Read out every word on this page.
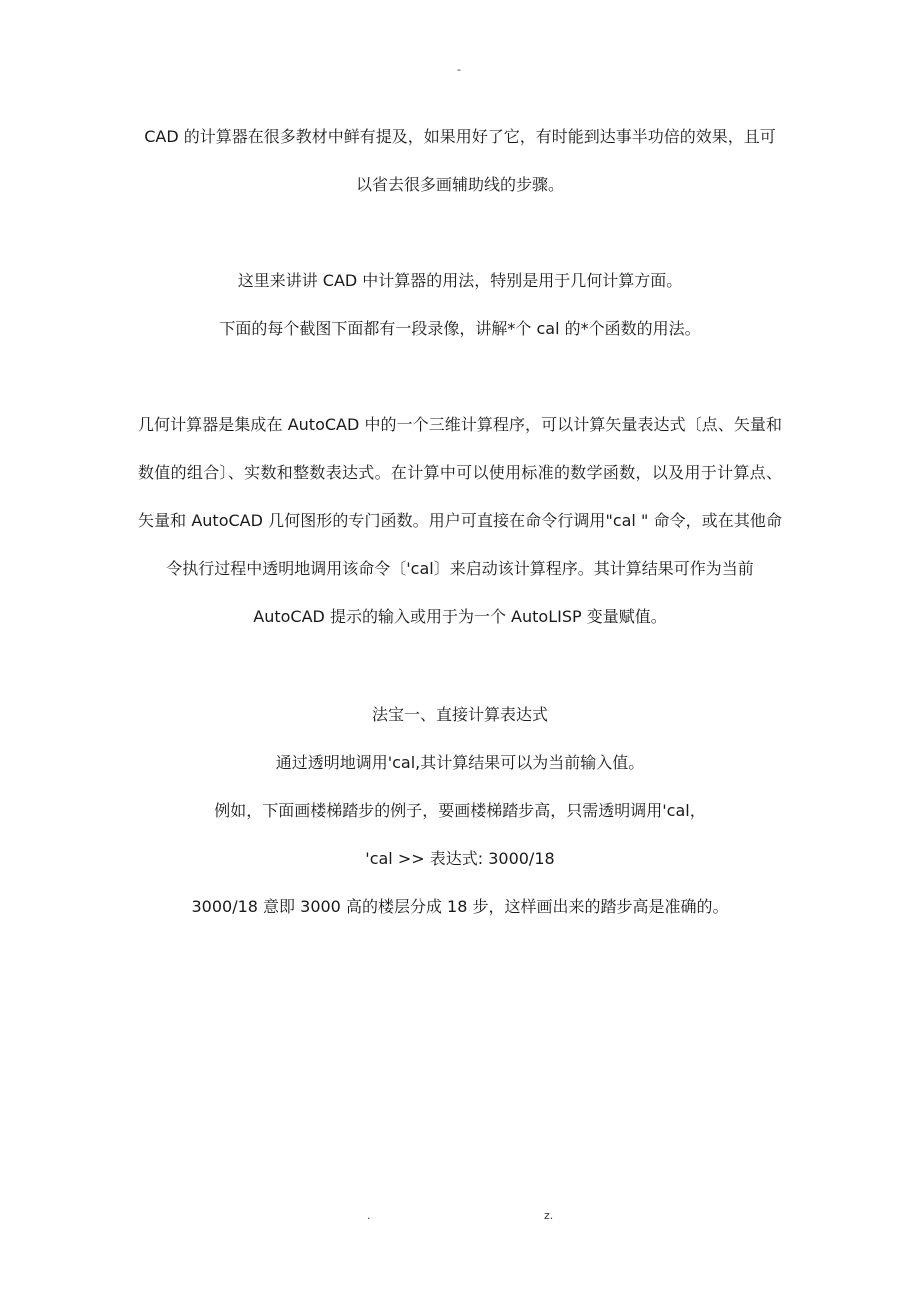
-
CAD 的计算器在很多教材中鲜有提及，如果用好了它，有时能到达事半功倍的效果，且可
以省去很多画辅助线的步骤。
这里来讲讲 CAD 中计算器的用法，特别是用于几何计算方面。
下面的每个截图下面都有一段录像，讲解*个 cal 的*个函数的用法。
几何计算器是集成在 AutoCAD 中的一个三维计算程序，可以计算矢量表达式〔点、矢量和
数值的组合〕、实数和整数表达式。在计算中可以使用标准的数学函数，以及用于计算点、
矢量和 AutoCAD 几何图形的专门函数。用户可直接在命令行调用"cal " 命令，或在其他命
令执行过程中透明地调用该命令〔'cal〕来启动该计算程序。其计算结果可作为当前
AutoCAD 提示的输入或用于为一个 AutoLISP 变量赋值。
法宝一、直接计算表达式
通过透明地调用'cal,其计算结果可以为当前输入值。
例如，下面画楼梯踏步的例子，要画楼梯踏步高，只需透明调用'cal，
'cal >> 表达式: 3000/18
3000/18 意即 3000 高的楼层分成 18 步，这样画出来的踏步高是准确的。
.	z.
